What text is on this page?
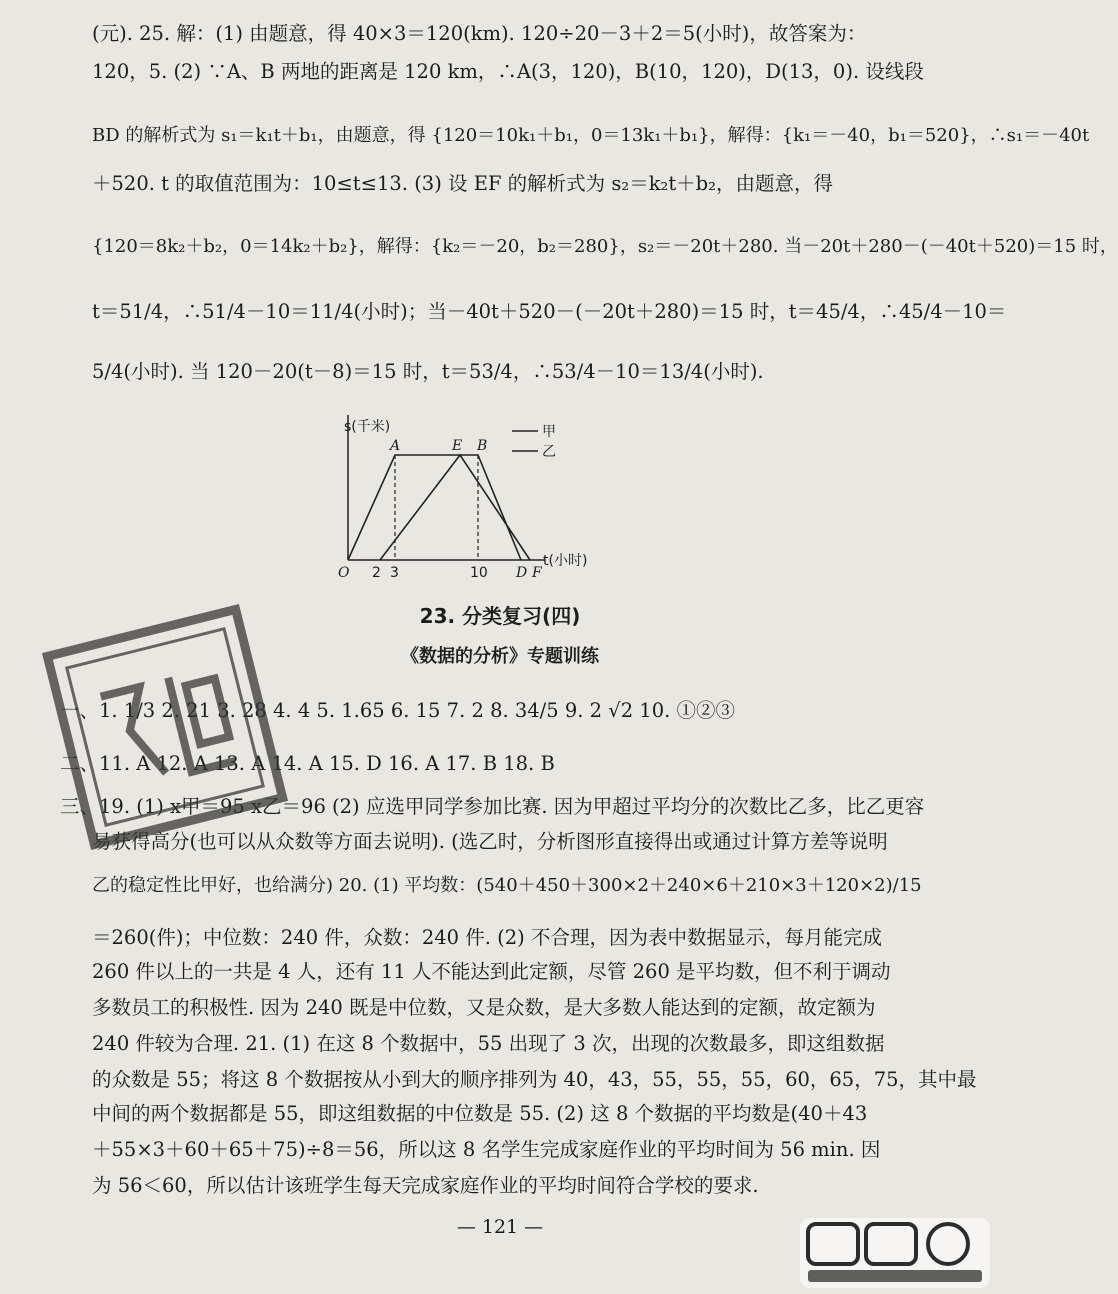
(元). 25. 解：(1) 由题意，得 40×3＝120(km). 120÷20－3＋2＝5(小时)，故答案为：
120，5. (2) ∵A、B 两地的距离是 120 km，∴A(3，120)，B(10，120)，D(13，0). 设线段
BD 的解析式为 s₁＝k₁t＋b₁，由题意，得 {120＝10k₁＋b₁，0＝13k₁＋b₁}，解得：{k₁＝－40，b₁＝520}，∴s₁＝－40t
＋520. t 的取值范围为：10≤t≤13. (3) 设 EF 的解析式为 s₂＝k₂t＋b₂，由题意，得
{120＝8k₂＋b₂，0＝14k₂＋b₂}，解得：{k₂＝－20，b₂＝280}，s₂＝－20t＋280. 当－20t＋280－(－40t＋520)＝15 时，
t＝51/4，∴51/4－10＝11/4(小时)；当－40t＋520－(－20t＋280)＝15 时，t＝45/4，∴45/4－10＝
5/4(小时). 当 120－20(t－8)＝15 时，t＝53/4，∴53/4－10＝13/4(小时).
s(千米)
t(小时)
甲
乙
A	E B
O 2 3	10 D F
23. 分类复习(四)
《数据的分析》专题训练
一、1. 1/3 2. 21 3. 28 4. 4 5. 1.65 6. 15 7. 2 8. 34/5 9. 2 √2 10. ①②③
二、11. A 12. A 13. A 14. A 15. D 16. A 17. B 18. B
三、19. (1) x甲＝95 x乙＝96 (2) 应选甲同学参加比赛. 因为甲超过平均分的次数比乙多，比乙更容
易获得高分(也可以从众数等方面去说明). (选乙时，分析图形直接得出或通过计算方差等说明
乙的稳定性比甲好，也给满分) 20. (1) 平均数：(540＋450＋300×2＋240×6＋210×3＋120×2)/15
＝260(件)；中位数：240 件，众数：240 件. (2) 不合理，因为表中数据显示，每月能完成
260 件以上的一共是 4 人，还有 11 人不能达到此定额，尽管 260 是平均数，但不利于调动
多数员工的积极性. 因为 240 既是中位数，又是众数，是大多数人能达到的定额，故定额为
240 件较为合理. 21. (1) 在这 8 个数据中，55 出现了 3 次，出现的次数最多，即这组数据
的众数是 55；将这 8 个数据按从小到大的顺序排列为 40，43，55，55，55，60，65，75，其中最
中间的两个数据都是 55，即这组数据的中位数是 55. (2) 这 8 个数据的平均数是(40＋43
＋55×3＋60＋65＋75)÷8＝56，所以这 8 名学生完成家庭作业的平均时间为 56 min. 因
为 56＜60，所以估计该班学生每天完成家庭作业的平均时间符合学校的要求.
— 121 —
